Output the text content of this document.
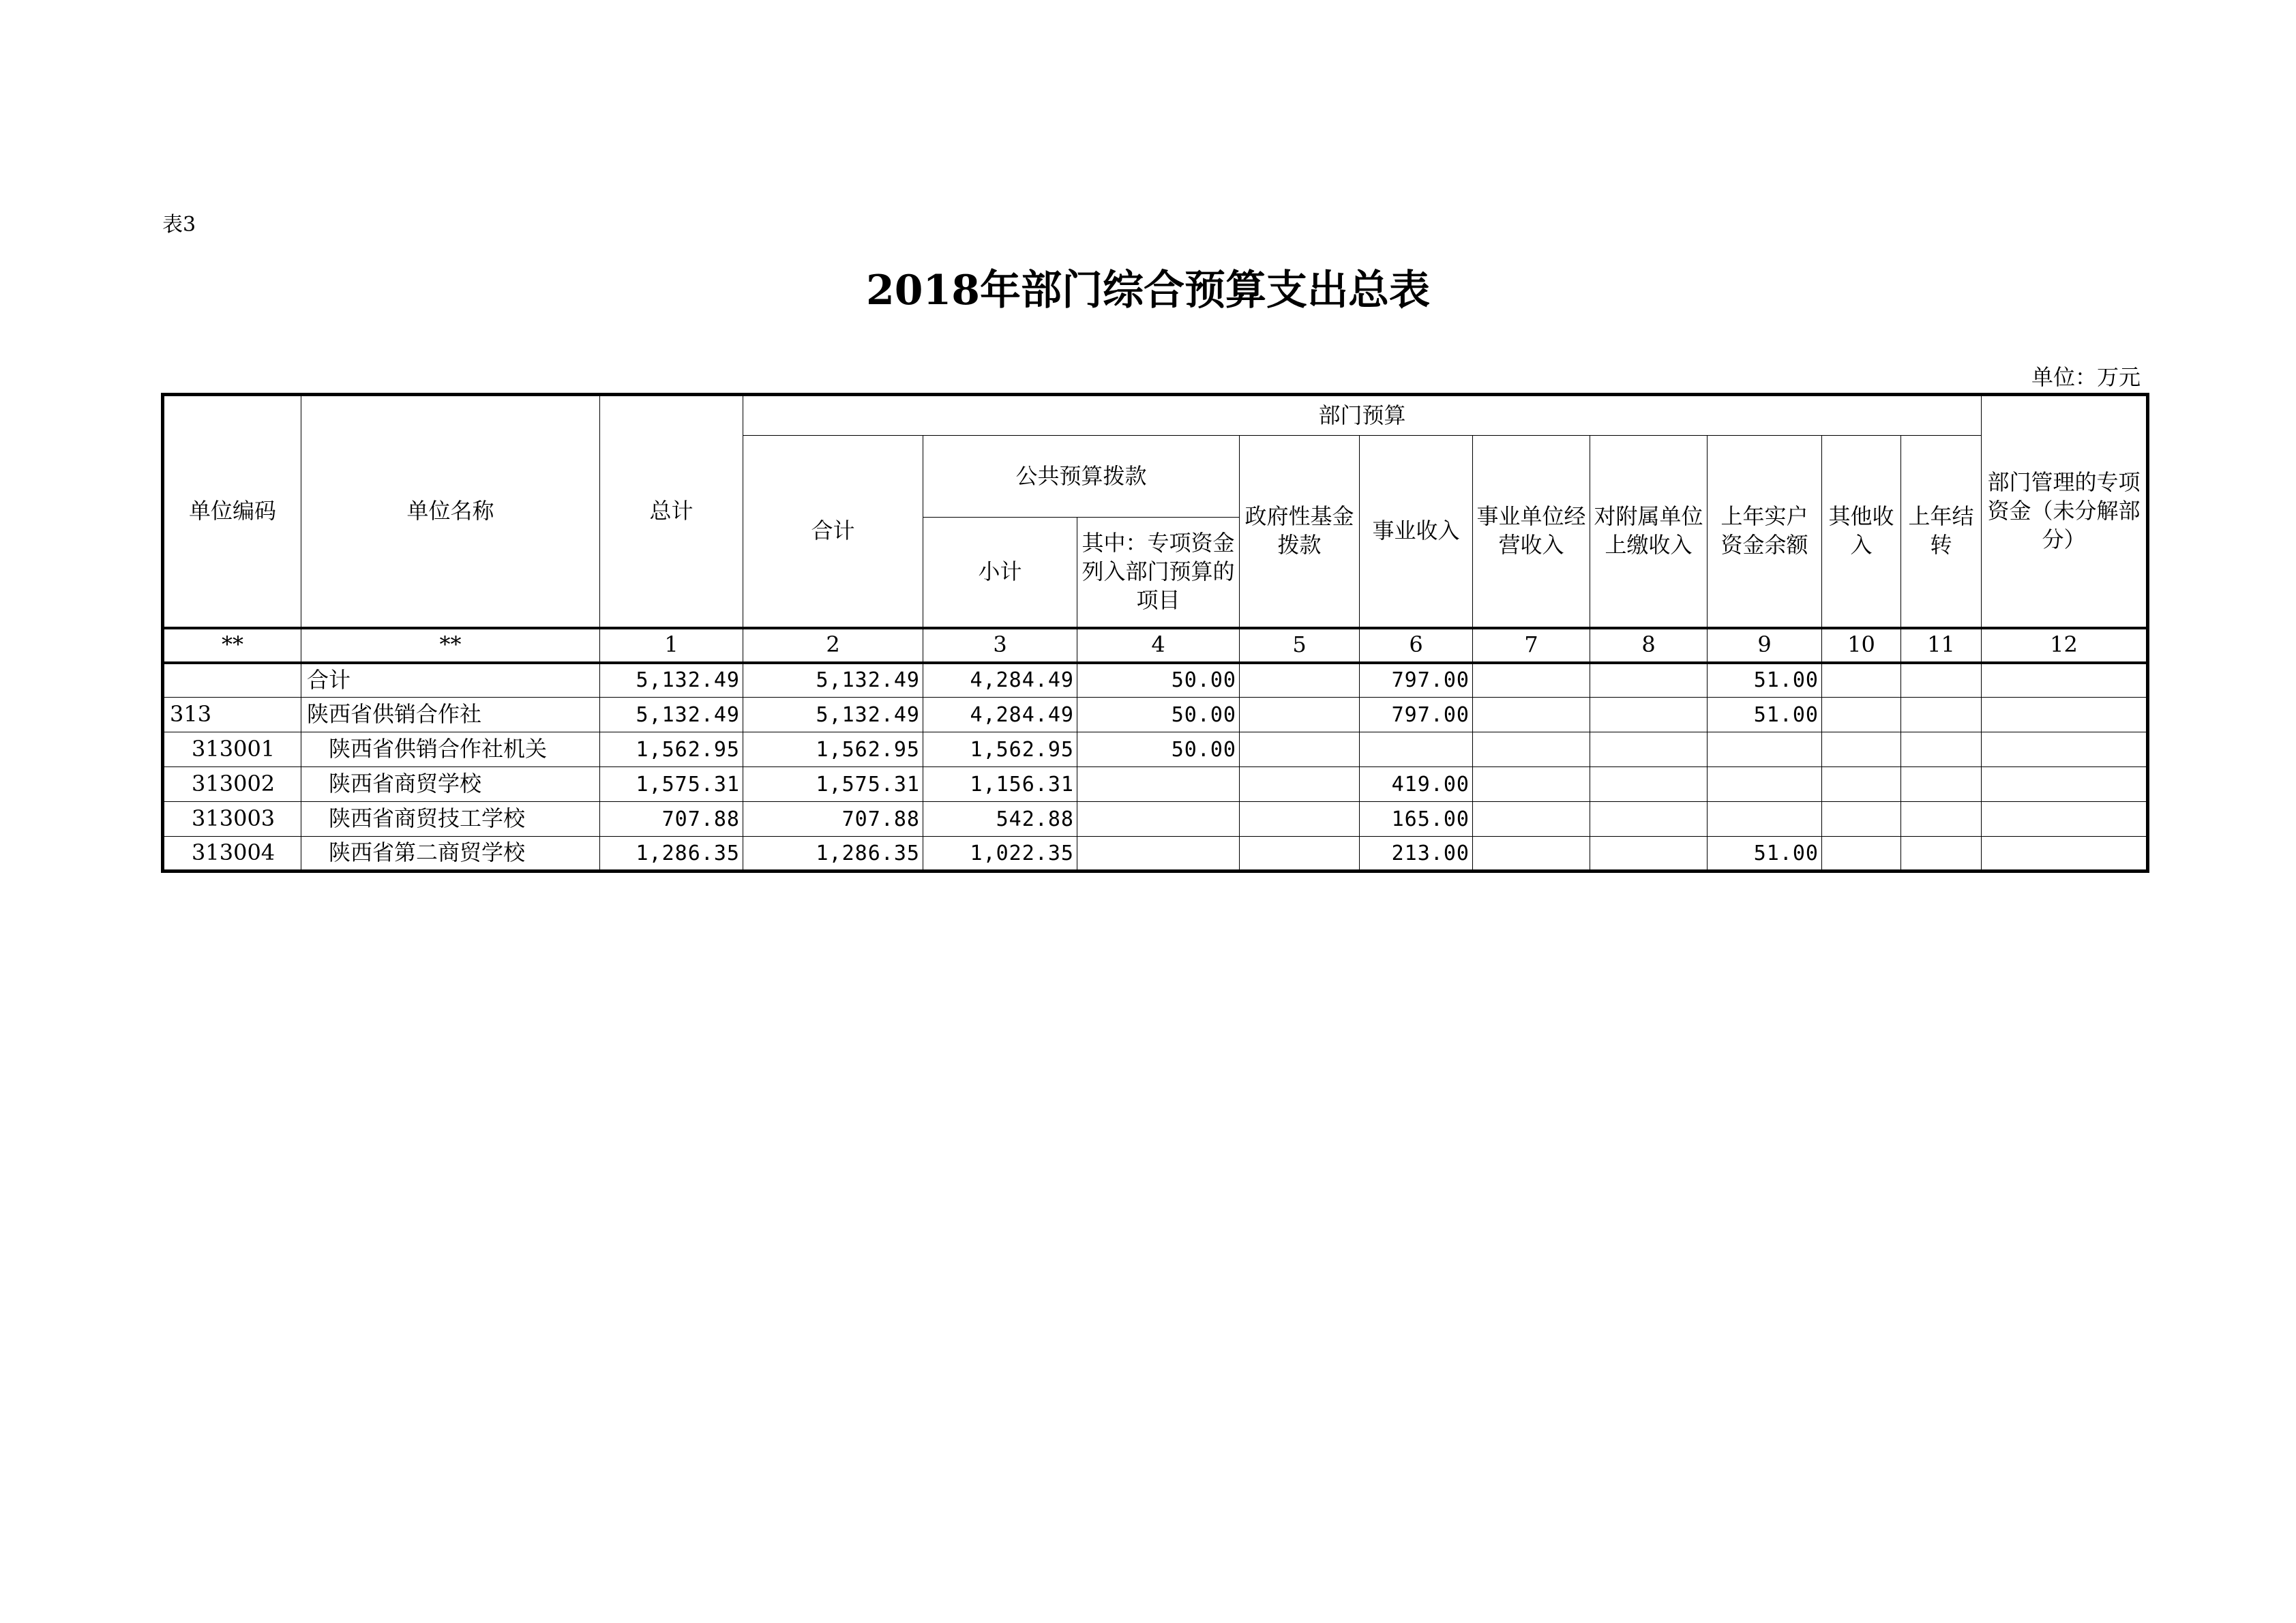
表3
2018年部门综合预算支出总表
单位：万元
单位编码	单位名称	总计	部门预算										部门管理的专项资金（未分解部分）
			合计	公共预算拨款		政府性基金拨款	事业收入	事业单位经营收入	对附属单位上缴收入	上年实户资金余额	其他收入	上年结转	
				小计	其中：专项资金列入部门预算的项目								
**	**	1	2	3	4	5	6	7	8	9	10	11	12
	合计	5,132.49	5,132.49	4,284.49	50.00		797.00			51.00			
313	陕西省供销合作社	5,132.49	5,132.49	4,284.49	50.00		797.00			51.00			
313001	陕西省供销合作社机关	1,562.95	1,562.95	1,562.95	50.00								
313002	陕西省商贸学校	1,575.31	1,575.31	1,156.31			419.00						
313003	陕西省商贸技工学校	707.88	707.88	542.88			165.00						
313004	陕西省第二商贸学校	1,286.35	1,286.35	1,022.35			213.00			51.00			
